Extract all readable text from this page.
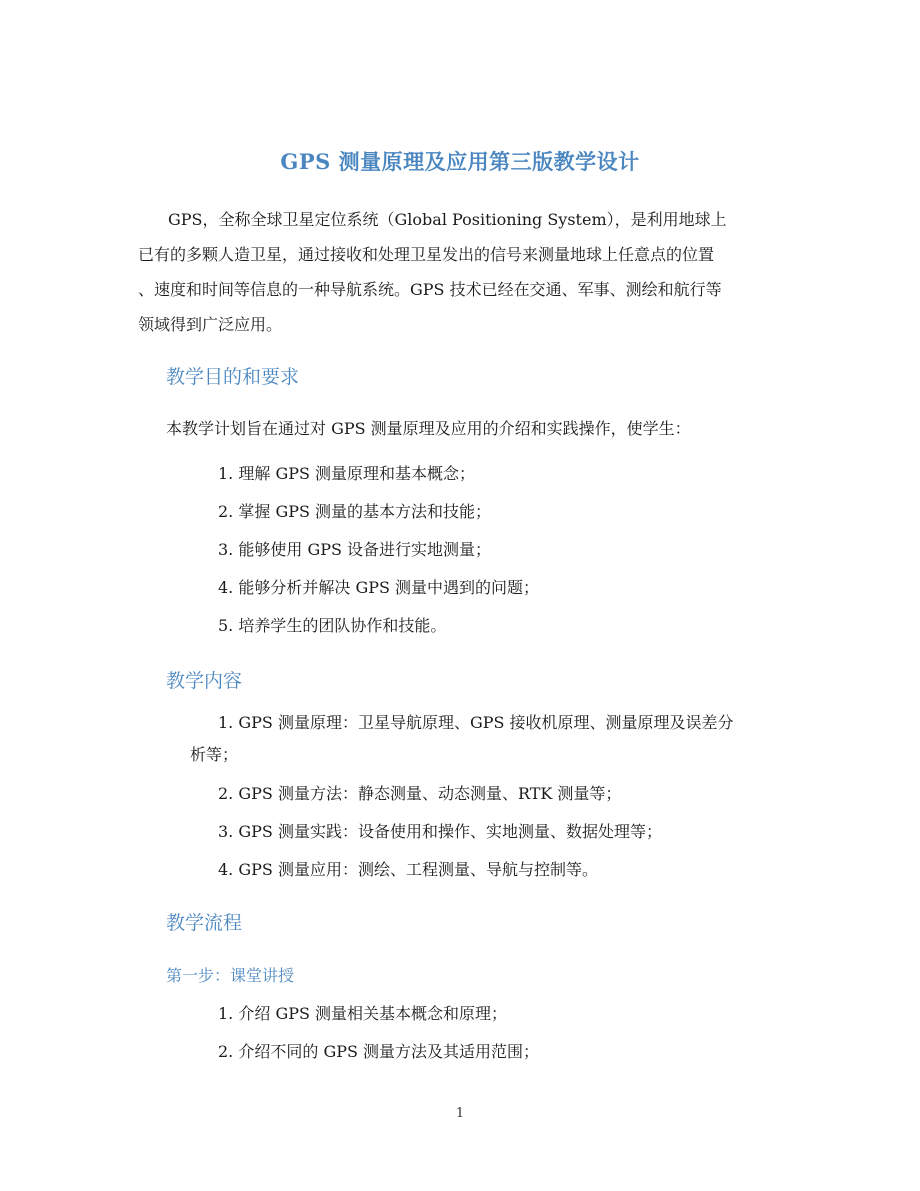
GPS 测量原理及应用第三版教学设计
GPS，全称全球卫星定位系统（Global Positioning System），是利用地球上
已有的多颗人造卫星，通过接收和处理卫星发出的信号来测量地球上任意点的位置
、速度和时间等信息的一种导航系统。GPS 技术已经在交通、军事、测绘和航行等
领域得到广泛应用。
教学目的和要求

本教学计划旨在通过对 GPS 测量原理及应用的介绍和实践操作，使学生：

1. 理解 GPS 测量原理和基本概念；
2. 掌握 GPS 测量的基本方法和技能；
3. 能够使用 GPS 设备进行实地测量；
4. 能够分析并解决 GPS 测量中遇到的问题；
5. 培养学生的团队协作和技能。
教学内容
1. GPS 测量原理：卫星导航原理、GPS 接收机原理、测量原理及误差分
析等；
2. GPS 测量方法：静态测量、动态测量、RTK 测量等；
3. GPS 测量实践：设备使用和操作、实地测量、数据处理等；
4. GPS 测量应用：测绘、工程测量、导航与控制等。
教学流程
第一步：课堂讲授
1. 介绍 GPS 测量相关基本概念和原理；
2. 介绍不同的 GPS 测量方法及其适用范围；
1
